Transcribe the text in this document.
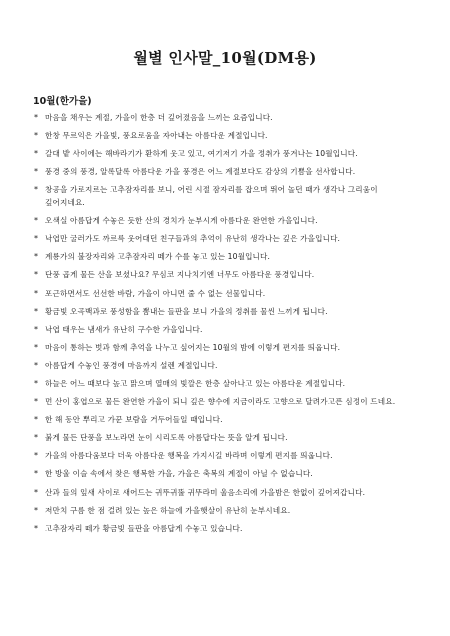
월별 인사말_10월(DM용)
10월(한가을)
* 마음을 채우는 계절, 가을이 한층 더 깊어졌음을 느끼는 요즘입니다.
* 한창 무르익은 가을빛, 풍요로움을 자아내는 아름다운 계절입니다.
* 갈대 밭 사이에는 해바라기가 환하게 웃고 있고, 여기저기 가을 정취가 풍겨나는 10월입니다.
* 풍경 중의 풍경, 알록달록 아름다운 가을 풍경은 어느 계절보다도 감상의 기쁨을 선사합니다.
* 창공을 가로지르는 고추잠자리를 보니, 어린 시절 잠자리를 잡으며 뛰어 놀던 때가 생각나 그리움이 깊어지네요.
* 오색실 아름답게 수놓은 듯한 산의 경치가 눈부시게 아름다운 완연한 가을입니다.
* 낙엽만 굴러가도 까르륵 웃어대던 친구들과의 추억이 유난히 생각나는 깊은 가을입니다.
* 계룡가의 불장자리와 고추잠자리 떼가 수를 놓고 있는 10월입니다.
* 단풍 곱게 물든 산을 보셨나요? 무심코 지나치기엔 너무도 아름다운 풍경입니다.
* 포근하면서도 선선한 바람, 가을이 아니면 줄 수 없는 선물입니다.
* 황금빛 오곡백과로 풍성함을 뽐내는 들판을 보니 가을의 정취를 물씬 느끼게 됩니다.
* 낙엽 태우는 냄새가 유난히 구수한 가을입니다.
* 마음이 통하는 벗과 함께 추억을 나누고 싶어지는 10월의 밤에 이렇게 편지를 띄웁니다.
* 아름답게 수놓인 풍경에 마음까지 설렌 계절입니다.
* 하늘은 어느 때보다 높고 맑으며 열매의 빛깔은 한층 살아나고 있는 아름다운 계절입니다.
* 먼 산이 홍엽으로 물든 완연한 가을이 되니 깊은 향수에 지금이라도 고향으로 달려가고픈 심정이 드네요.
* 한 해 동안 뿌리고 가꾼 보람을 거두어들일 때입니다.
* 붉게 물든 단풍을 보노라면 눈이 시리도록 아름답다는 뜻을 알게 됩니다.
* 가을의 아름다움보다 더욱 아름다운 행복을 가지시길 바라며 이렇게 편지를 띄웁니다.
* 한 방울 이슬 속에서 찾은 행복한 가을, 가을은 축복의 계절이 아닐 수 없습니다.
* 산과 들의 잎새 사이로 새어드는 귀뚜귀뚤 귀뚜라미 울음소리에 가을밤은 한없이 깊어져갑니다.
* 저만치 구름 한 점 걸려 있는 높은 하늘에 가을햇살이 유난히 눈부시네요.
* 고추잠자리 떼가 황금빛 들판을 아름답게 수놓고 있습니다.
